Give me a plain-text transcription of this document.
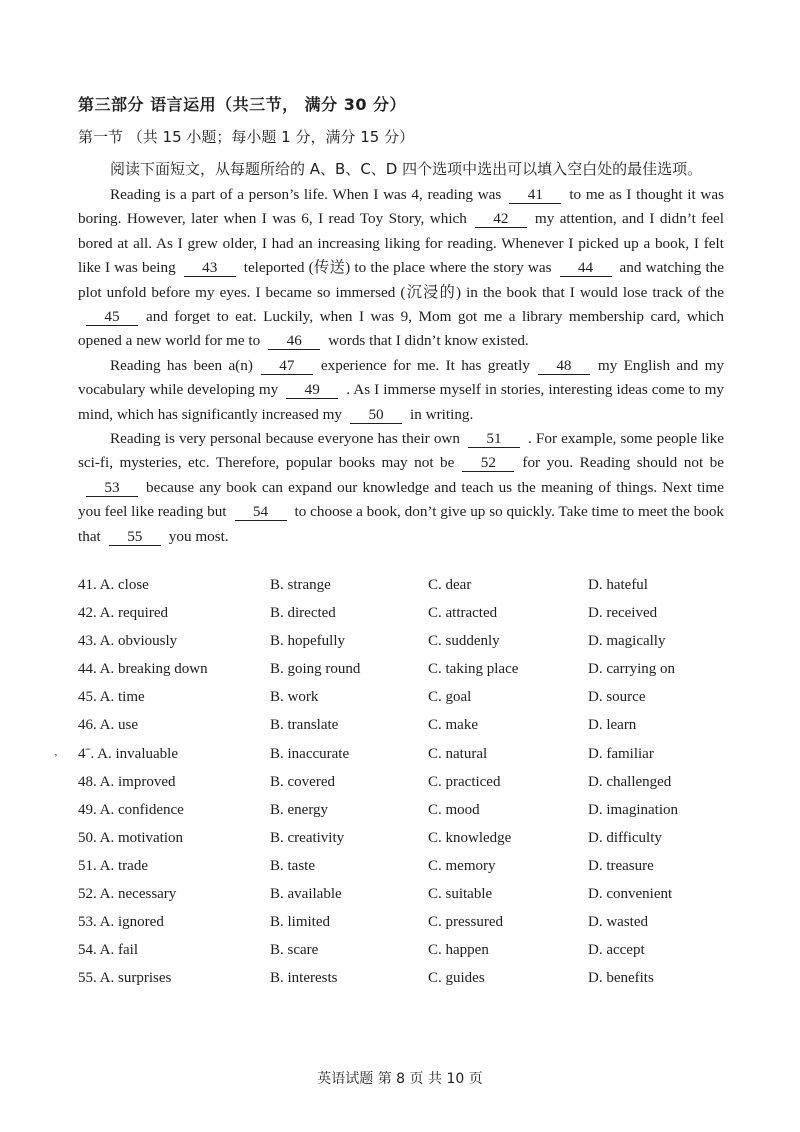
第三部分 语言运用（共三节， 满分 30 分）
第一节 （共 15 小题；每小题 1 分，满分 15 分）
阅读下面短文，从每题所给的 A、B、C、D 四个选项中选出可以填入空白处的最佳选项。

Reading is a part of a person’s life. When I was 4, reading was 41 to me as I thought it was boring. However, later when I was 6, I read Toy Story, which 42 my attention, and I didn’t feel bored at all. As I grew older, I had an increasing liking for reading. Whenever I picked up a book, I felt like I was being 43 teleported (传送) to the place where the story was 44 and watching the plot unfold before my eyes. I became so immersed (沉浸的) in the book that I would lose track of the45 and forget to eat. Luckily, when I was 9, Mom got me a library membership card, which opened a new world for me to 46 words that I didn’t know existed.

Reading has been a(n) 47 experience for me. It has greatly 48 my English and my vocabulary while developing my 49 . As I immerse myself in stories, interesting ideas come to my mind, which has significantly increased my 50 in writing.

Reading is very personal because everyone has their own 51 . For example, some people like sci-fi, mysteries, etc. Therefore, popular books may not be 52 for you. Reading should not be53 because any book can expand our knowledge and teach us the meaning of things. Next time you feel like reading but 54 to choose a book, don’t give up so quickly. Take time to meet the book that 55 you most.

’
41. A. close	B. strange	C. dear	D. hateful
42. A. required	B. directed	C. attracted	D. received
43. A. obviously	B. hopefully	C. suddenly	D. magically
44. A. breaking down	B. going round	C. taking place	D. carrying on
45. A. time	B. work	C. goal	D. source
46. A. use	B. translate	C. make	D. learn
4ˉ. A. invaluable	B. inaccurate	C. natural	D. familiar
48. A. improved	B. covered	C. practiced	D. challenged
49. A. confidence	B. energy	C. mood	D. imagination
50. A. motivation	B. creativity	C. knowledge	D. difficulty
51. A. trade	B. taste	C. memory	D. treasure
52. A. necessary	B. available	C. suitable	D. convenient
53. A. ignored	B. limited	C. pressured	D. wasted
54. A. fail	B. scare	C. happen	D. accept
55. A. surprises	B. interests	C. guides	D. benefits
英语试题 第 8 页 共 10 页
